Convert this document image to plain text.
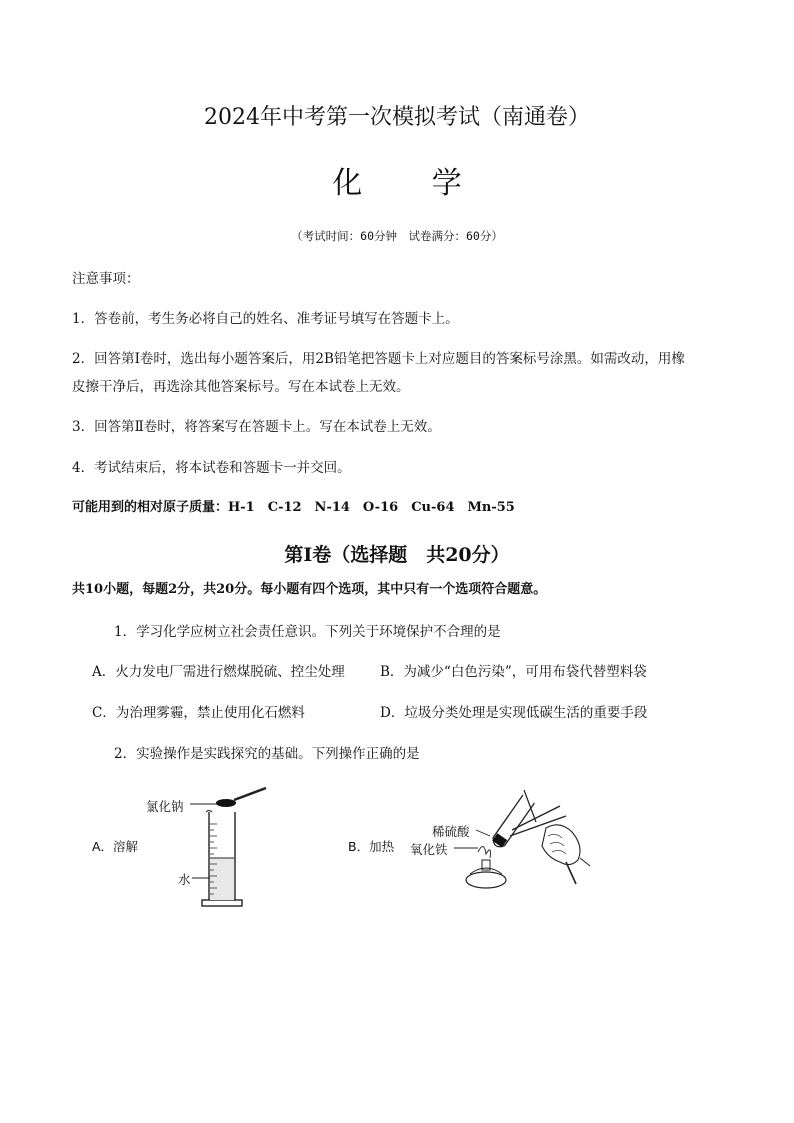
2024年中考第一次模拟考试（南通卷）
化 学
（考试时间：60分钟　试卷满分：60分）
注意事项：
1．答卷前，考生务必将自己的姓名、准考证号填写在答题卡上。
2．回答第Ⅰ卷时，选出每小题答案后，用2B铅笔把答题卡上对应题目的答案标号涂黑。如需改动，用橡
皮擦干净后，再选涂其他答案标号。写在本试卷上无效。
3．回答第Ⅱ卷时，将答案写在答题卡上。写在本试卷上无效。
4．考试结束后，将本试卷和答题卡一并交回。
可能用到的相对原子质量：H-1　C-12　N-14　O-16　Cu-64　Mn-55
第Ⅰ卷（选择题　共20分）
共10小题，每题2分，共20分。每小题有四个选项，其中只有一个选项符合题意。
1．学习化学应树立社会责任意识。下列关于环境保护不合理的是
A．火力发电厂需进行燃煤脱硫、控尘处理	B．为减少“白色污染”，可用布袋代替塑料袋
C．为治理雾霾，禁止使用化石燃料	D．垃圾分类处理是实现低碳生活的重要手段
2．实验操作是实践探究的基础。下列操作正确的是
A．溶解
氯化钠
水
B．加热
稀硫酸
氧化铁
